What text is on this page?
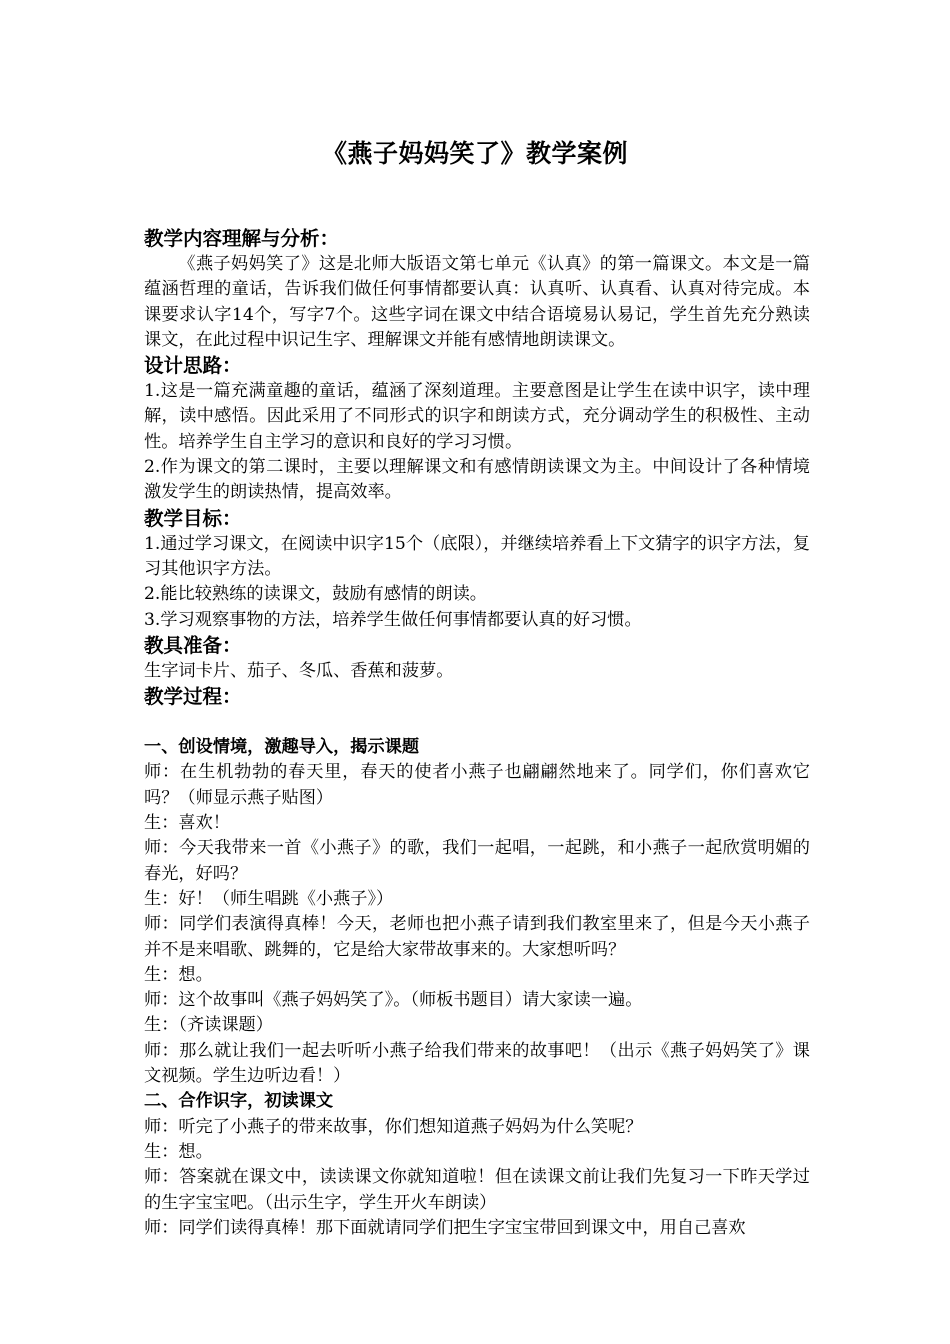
《燕子妈妈笑了》教学案例
教学内容理解与分析：

《燕子妈妈笑了》这是北师大版语文第七单元《认真》的第一篇课文。本文是一篇蕴涵哲理的童话，告诉我们做任何事情都要认真：认真听、认真看、认真对待完成。本课要求认字14个，写字7个。这些字词在课文中结合语境易认易记，学生首先充分熟读课文，在此过程中识记生字、理解课文并能有感情地朗读课文。

设计思路：

1.这是一篇充满童趣的童话，蕴涵了深刻道理。主要意图是让学生在读中识字，读中理解，读中感悟。因此采用了不同形式的识字和朗读方式，充分调动学生的积极性、主动性。培养学生自主学习的意识和良好的学习习惯。

2.作为课文的第二课时，主要以理解课文和有感情朗读课文为主。中间设计了各种情境激发学生的朗读热情，提高效率。

教学目标：

1.通过学习课文，在阅读中识字15个（底限），并继续培养看上下文猜字的识字方法，复习其他识字方法。

2.能比较熟练的读课文，鼓励有感情的朗读。

3.学习观察事物的方法，培养学生做任何事情都要认真的好习惯。

教具准备：

生字词卡片、茄子、冬瓜、香蕉和菠萝。

教学过程：
一、创设情境，激趣导入，揭示课题

师：在生机勃勃的春天里，春天的使者小燕子也翩翩然地来了。同学们，你们喜欢它吗？（师显示燕子贴图）

生：喜欢！

师：今天我带来一首《小燕子》的歌，我们一起唱，一起跳，和小燕子一起欣赏明媚的春光，好吗？

生：好！（师生唱跳《小燕子》）

师：同学们表演得真棒！今天，老师也把小燕子请到我们教室里来了，但是今天小燕子并不是来唱歌、跳舞的，它是给大家带故事来的。大家想听吗？

生：想。

师：这个故事叫《燕子妈妈笑了》。（师板书题目）请大家读一遍。

生：（齐读课题）

师：那么就让我们一起去听听小燕子给我们带来的故事吧！（出示《燕子妈妈笑了》课文视频。学生边听边看！）

二、合作识字，初读课文

师：听完了小燕子的带来故事，你们想知道燕子妈妈为什么笑呢？

生：想。

师：答案就在课文中，读读课文你就知道啦！但在读课文前让我们先复习一下昨天学过的生字宝宝吧。（出示生字，学生开火车朗读）

师：同学们读得真棒！那下面就请同学们把生字宝宝带回到课文中，用自己喜欢
